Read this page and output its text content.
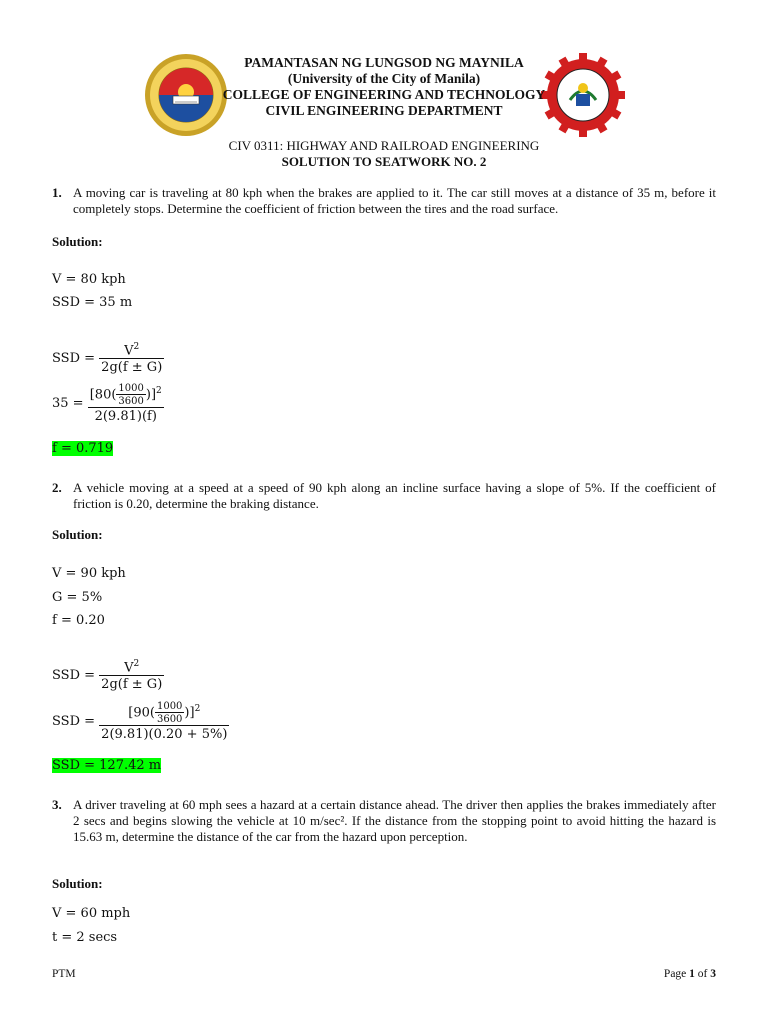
PAMANTASAN NG LUNGSOD NG MAYNILA
(University of the City of Manila)
COLLEGE OF ENGINEERING AND TECHNOLOGY
CIVIL ENGINEERING DEPARTMENT
CIV 0311: HIGHWAY AND RAILROAD ENGINEERING
SOLUTION TO SEATWORK NO. 2
1. A moving car is traveling at 80 kph when the brakes are applied to it. The car still moves at a distance of 35 m, before it completely stops. Determine the coefficient of friction between the tires and the road surface.
Solution:
V = 80 kph
SSD = 35 m
SSD = $\frac{V^2}{2g(f \pm G)}$
$35 = \frac{[80( \frac{1000}{3600} )]^2}{2(9.81)(f)}$
f = 0.719
2. A vehicle moving at a speed at a speed of 90 kph along an incline surface having a slope of 5%. If the coefficient of friction is 0.20, determine the braking distance.
Solution:
V = 90 kph
G = 5%
f = 0.20
SSD = $\frac{V^2}{2g(f \pm G)}$
SSD = $\frac{[90( \frac{1000}{3600} )]^2}{2(9.81)(0.20 + 5\%)}$
SSD = 127.42 m
3. A driver traveling at 60 mph sees a hazard at a certain distance ahead. The driver then applies the brakes immediately after 2 secs and begins slowing the vehicle at 10 m/sec². If the distance from the stopping point to avoid hitting the hazard is 15.63 m, determine the distance of the car from the hazard upon perception.
Solution:
V = 60 mph
t = 2 secs
PTM	Page 1 of 3
